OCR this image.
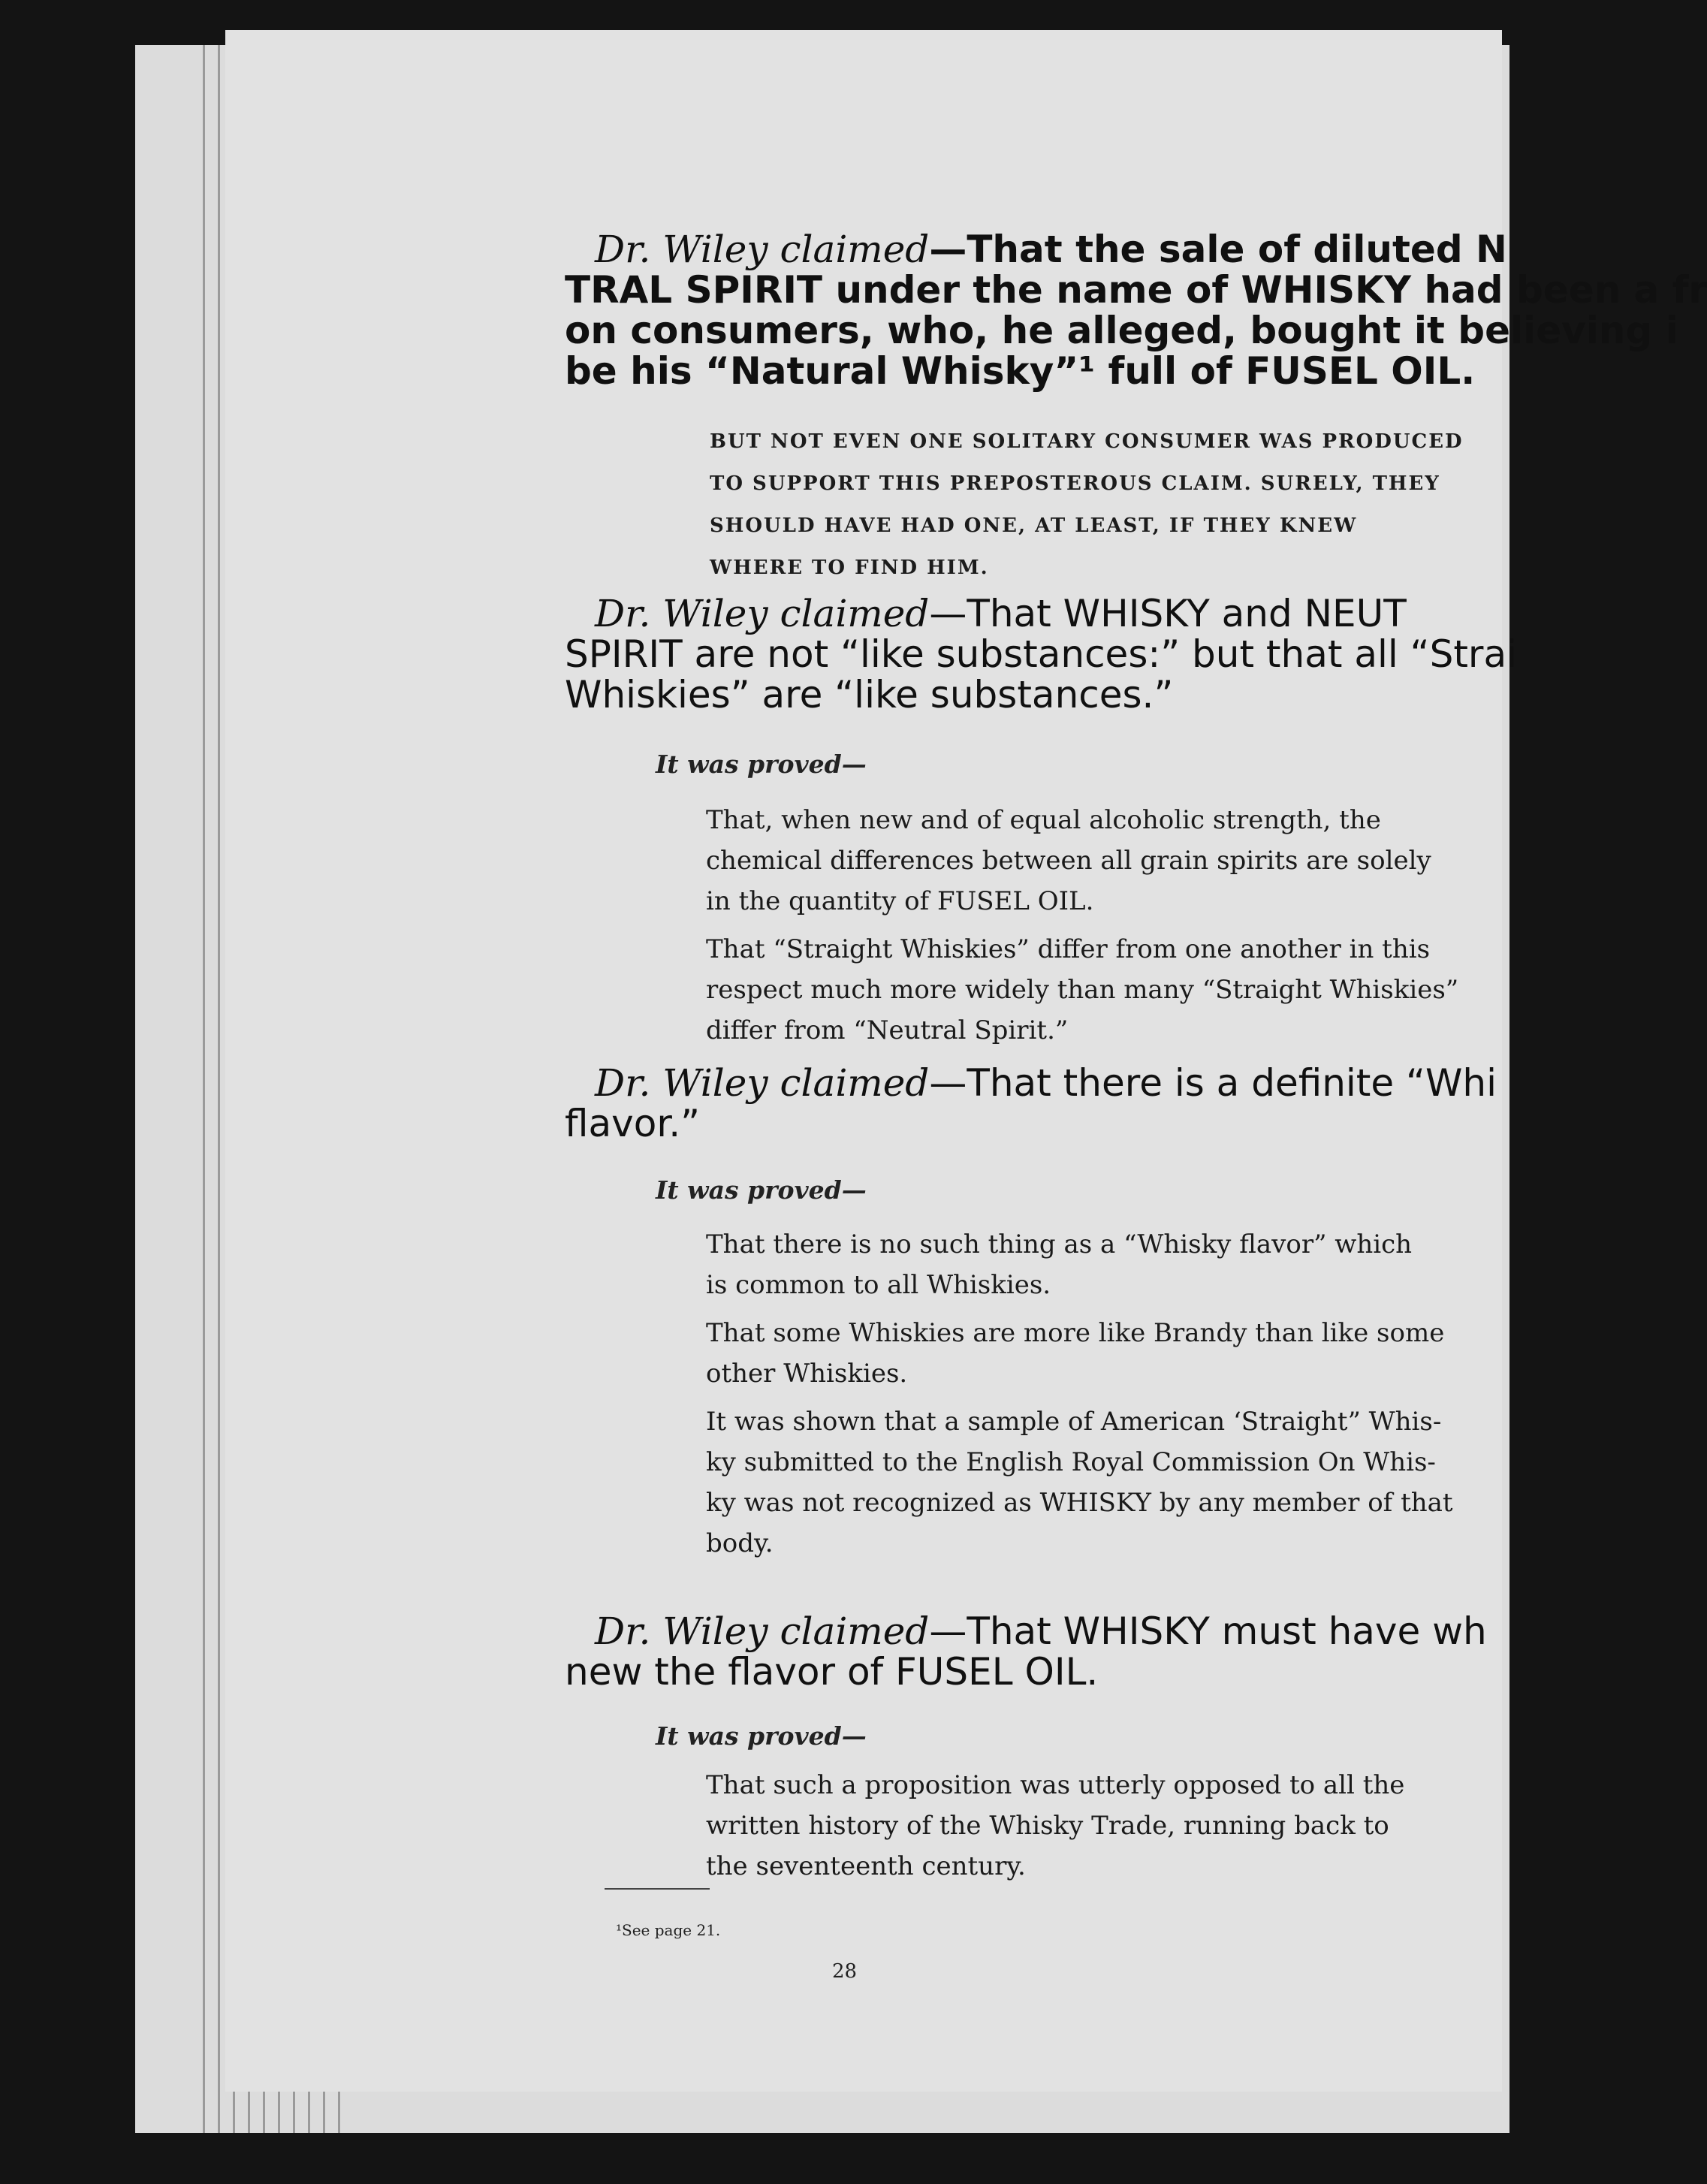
Dr. Wiley claimed—That the sale of diluted N
TRAL SPIRIT under the name of WHISKY had been a fr
on consumers, who, he alleged, bought it believing i
be his “Natural Whisky”¹ full of FUSEL OIL.
BUT NOT EVEN ONE SOLITARY CONSUMER WAS PRODUCED
TO SUPPORT THIS PREPOSTEROUS CLAIM. SURELY, THEY
SHOULD HAVE HAD ONE, AT LEAST, IF THEY KNEW
WHERE TO FIND HIM.
Dr. Wiley claimed—That WHISKY and NEUT
SPIRIT are not “like substances:” but that all “Strai
Whiskies” are “like substances.”
It was proved—
That, when new and of equal alcoholic strength, the
chemical differences between all grain spirits are solely
in the quantity of FUSEL OIL.
That “Straight Whiskies” differ from one another in this
respect much more widely than many “Straight Whiskies”
differ from “Neutral Spirit.”
Dr. Wiley claimed—That there is a definite “Whi
flavor.”
It was proved—
That there is no such thing as a “Whisky flavor” which
is common to all Whiskies.
That some Whiskies are more like Brandy than like some
other Whiskies.
It was shown that a sample of American ‘Straight” Whis-
ky submitted to the English Royal Commission On Whis-
ky was not recognized as WHISKY by any member of that
body.
Dr. Wiley claimed—That WHISKY must have wh
new the flavor of FUSEL OIL.
It was proved—
That such a proposition was utterly opposed to all the
written history of the Whisky Trade, running back to
the seventeenth century.
¹See page 21.
28
